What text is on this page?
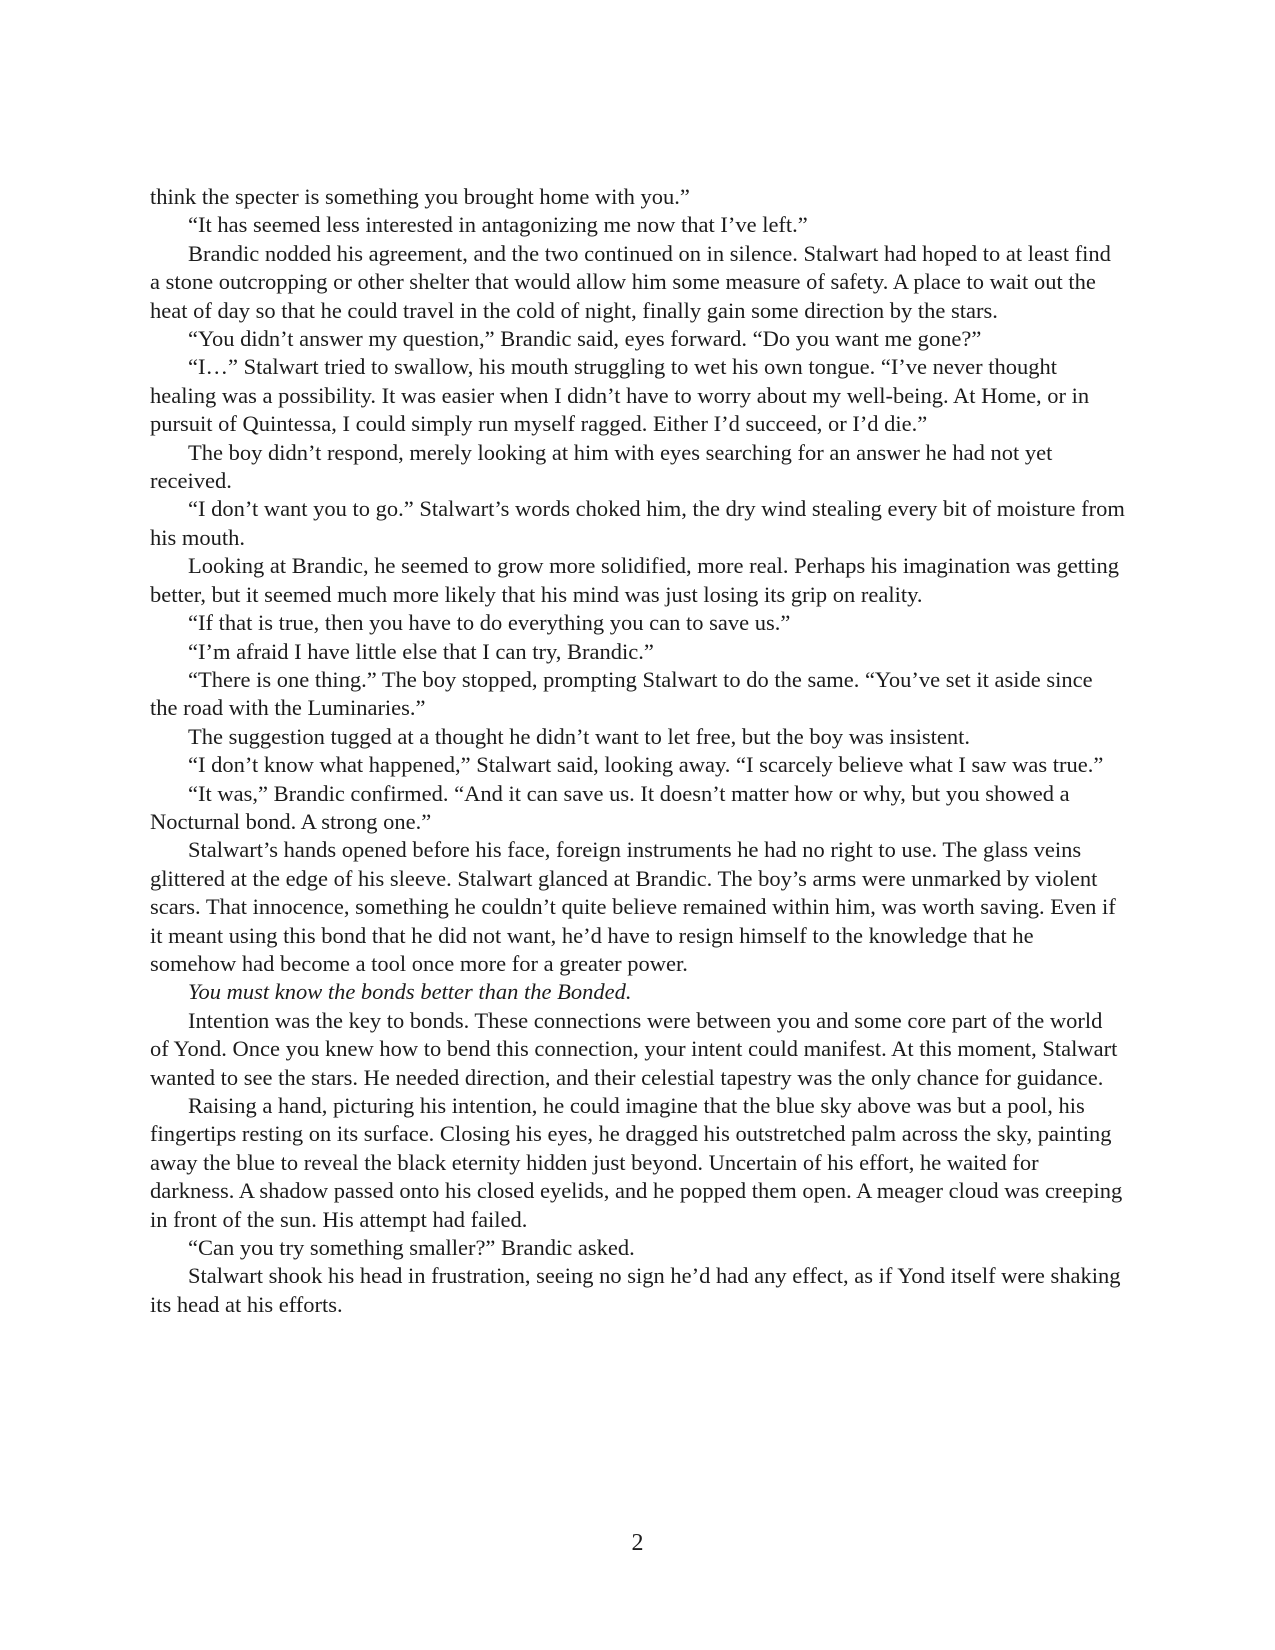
think the specter is something you brought home with you.”

“It has seemed less interested in antagonizing me now that I’ve left.”

Brandic nodded his agreement, and the two continued on in silence. Stalwart had hoped to at least find a stone outcropping or other shelter that would allow him some measure of safety. A place to wait out the heat of day so that he could travel in the cold of night, finally gain some direction by the stars.

“You didn’t answer my question,” Brandic said, eyes forward. “Do you want me gone?”

“I…” Stalwart tried to swallow, his mouth struggling to wet his own tongue. “I’ve never thought healing was a possibility. It was easier when I didn’t have to worry about my well-being. At Home, or in pursuit of Quintessa, I could simply run myself ragged. Either I’d succeed, or I’d die.”

The boy didn’t respond, merely looking at him with eyes searching for an answer he had not yet received.

“I don’t want you to go.” Stalwart’s words choked him, the dry wind stealing every bit of moisture from his mouth.

Looking at Brandic, he seemed to grow more solidified, more real. Perhaps his imagination was getting better, but it seemed much more likely that his mind was just losing its grip on reality.

“If that is true, then you have to do everything you can to save us.”

“I’m afraid I have little else that I can try, Brandic.”

“There is one thing.” The boy stopped, prompting Stalwart to do the same. “You’ve set it aside since the road with the Luminaries.”

The suggestion tugged at a thought he didn’t want to let free, but the boy was insistent.

“I don’t know what happened,” Stalwart said, looking away. “I scarcely believe what I saw was true.”

“It was,” Brandic confirmed. “And it can save us. It doesn’t matter how or why, but you showed a Nocturnal bond. A strong one.”

Stalwart’s hands opened before his face, foreign instruments he had no right to use. The glass veins glittered at the edge of his sleeve. Stalwart glanced at Brandic. The boy’s arms were unmarked by violent scars. That innocence, something he couldn’t quite believe remained within him, was worth saving. Even if it meant using this bond that he did not want, he’d have to resign himself to the knowledge that he somehow had become a tool once more for a greater power.

You must know the bonds better than the Bonded.

Intention was the key to bonds. These connections were between you and some core part of the world of Yond. Once you knew how to bend this connection, your intent could manifest. At this moment, Stalwart wanted to see the stars. He needed direction, and their celestial tapestry was the only chance for guidance.

Raising a hand, picturing his intention, he could imagine that the blue sky above was but a pool, his fingertips resting on its surface. Closing his eyes, he dragged his outstretched palm across the sky, painting away the blue to reveal the black eternity hidden just beyond. Uncertain of his effort, he waited for darkness. A shadow passed onto his closed eyelids, and he popped them open. A meager cloud was creeping in front of the sun. His attempt had failed.

“Can you try something smaller?” Brandic asked.

Stalwart shook his head in frustration, seeing no sign he’d had any effect, as if Yond itself were shaking its head at his efforts.

2
